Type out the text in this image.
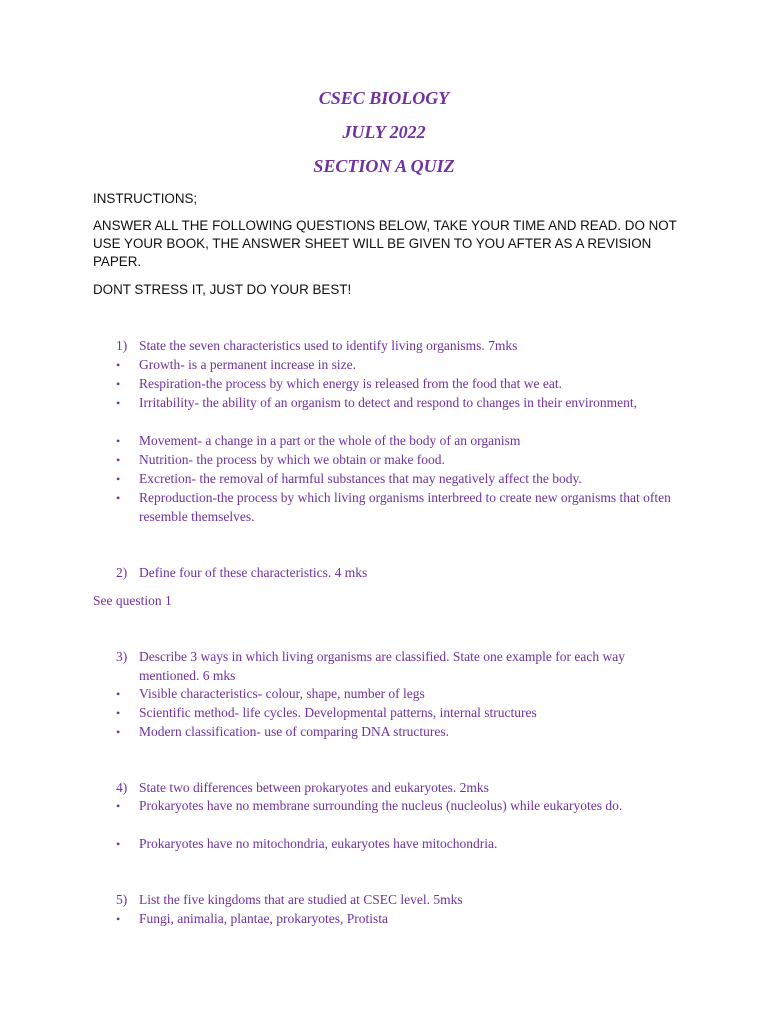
CSEC BIOLOGY
JULY 2022
SECTION A QUIZ

INSTRUCTIONS;

ANSWER ALL THE FOLLOWING QUESTIONS BELOW, TAKE YOUR TIME AND READ. DO NOT USE YOUR BOOK, THE ANSWER SHEET WILL BE GIVEN TO YOU AFTER AS A REVISION PAPER.

DONT STRESS IT, JUST DO YOUR BEST!

1) State the seven characteristics used to identify living organisms. 7mks

• Growth- is a permanent increase in size.

• Respiration-the process by which energy is released from the food that we eat.

• Irritability- the ability of an organism to detect and respond to changes in their environment,

• Movement- a change in a part or the whole of the body of an organism

• Nutrition- the process by which we obtain or make food.

• Excretion- the removal of harmful substances that may negatively affect the body.

• Reproduction-the process by which living organisms interbreed to create new organisms that often resemble themselves.

2) Define four of these characteristics. 4 mks

See question 1

3) Describe 3 ways in which living organisms are classified. State one example for each way mentioned. 6 mks

• Visible characteristics- colour, shape, number of legs

• Scientific method- life cycles. Developmental patterns, internal structures

• Modern classification- use of comparing DNA structures.

4) State two differences between prokaryotes and eukaryotes. 2mks

• Prokaryotes have no membrane surrounding the nucleus (nucleolus) while eukaryotes do.

• Prokaryotes have no mitochondria, eukaryotes have mitochondria.

5) List the five kingdoms that are studied at CSEC level. 5mks

• Fungi, animalia, plantae, prokaryotes, Protista
